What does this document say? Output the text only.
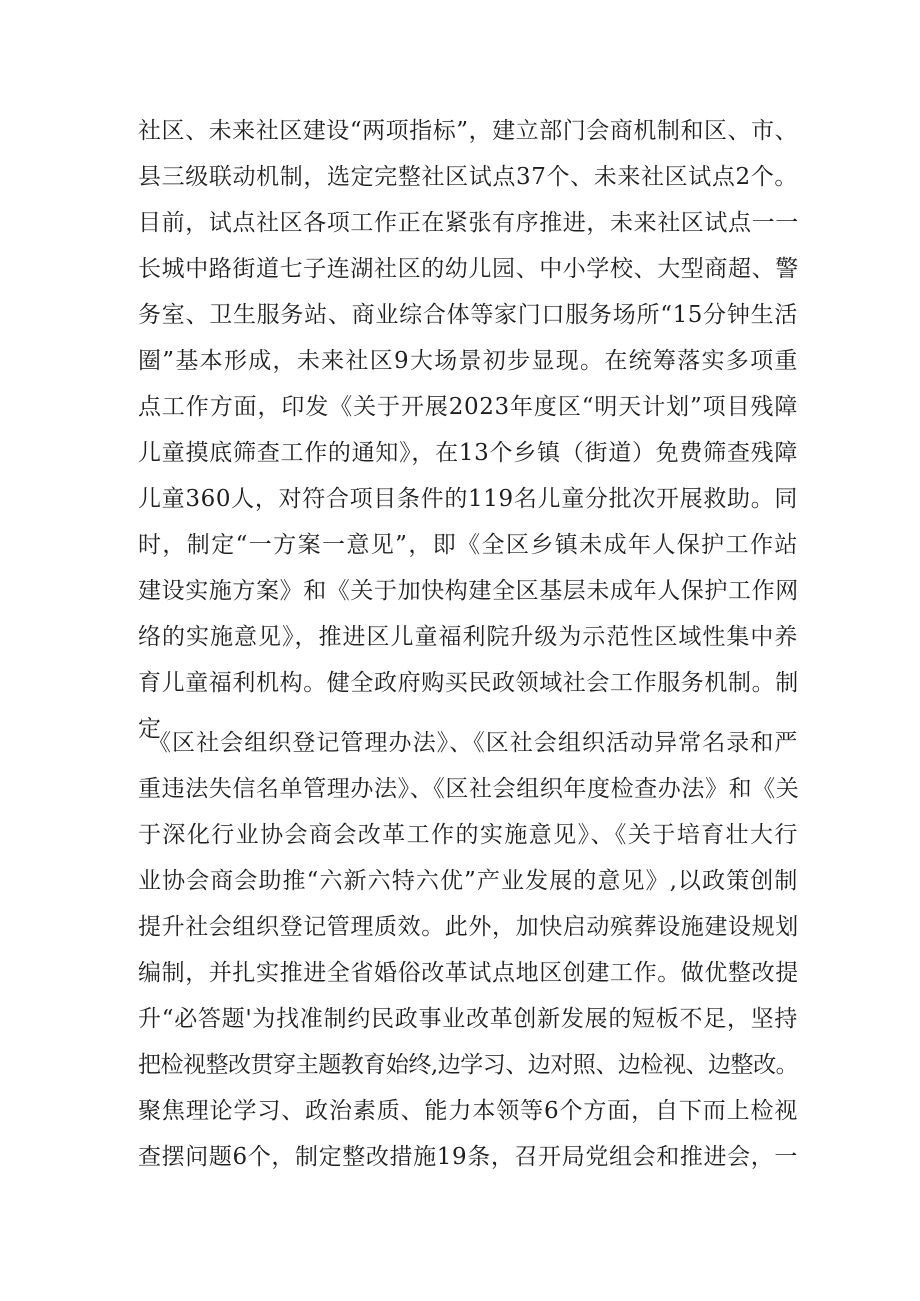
社区、未来社区建设“两项指标”，建立部门会商机制和区、市、
县三级联动机制，选定完整社区试点37个、未来社区试点2个。
目前，试点社区各项工作正在紧张有序推进，未来社区试点一一
长城中路街道七子连湖社区的幼儿园、中小学校、大型商超、警
务室、卫生服务站、商业综合体等家门口服务场所“15分钟生活
圈”基本形成，未来社区9大场景初步显现。在统筹落实多项重
点工作方面，印发《关于开展2023年度区“明天计划”项目残障
儿童摸底筛查工作的通知》，在13个乡镇（街道）免费筛查残障
儿童360人，对符合项目条件的119名儿童分批次开展救助。同
时，制定“一方案一意见”，即《全区乡镇未成年人保护工作站
建设实施方案》和《关于加快构建全区基层未成年人保护工作网
络的实施意见》，推进区儿童福利院升级为示范性区域性集中养
育儿童福利机构。健全政府购买民政领域社会工作服务机制。制
定
《区社会组织登记管理办法》、《区社会组织活动异常名录和严
重违法失信名单管理办法》、《区社会组织年度检查办法》和《关
于深化行业协会商会改革工作的实施意见》、《关于培育壮大行
业协会商会助推“六新六特六优”产业发展的意见》,以政策创制
提升社会组织登记管理质效。此外，加快启动殡葬设施建设规划
编制，并扎实推进全省婚俗改革试点地区创建工作。做优整改提
升“必答题'为找准制约民政事业改革创新发展的短板不足，坚持
把检视整改贯穿主题教育始终,边学习、边对照、边检视、边整改。
聚焦理论学习、政治素质、能力本领等6个方面，自下而上检视
查摆问题6个，制定整改措施19条，召开局党组会和推进会，一
